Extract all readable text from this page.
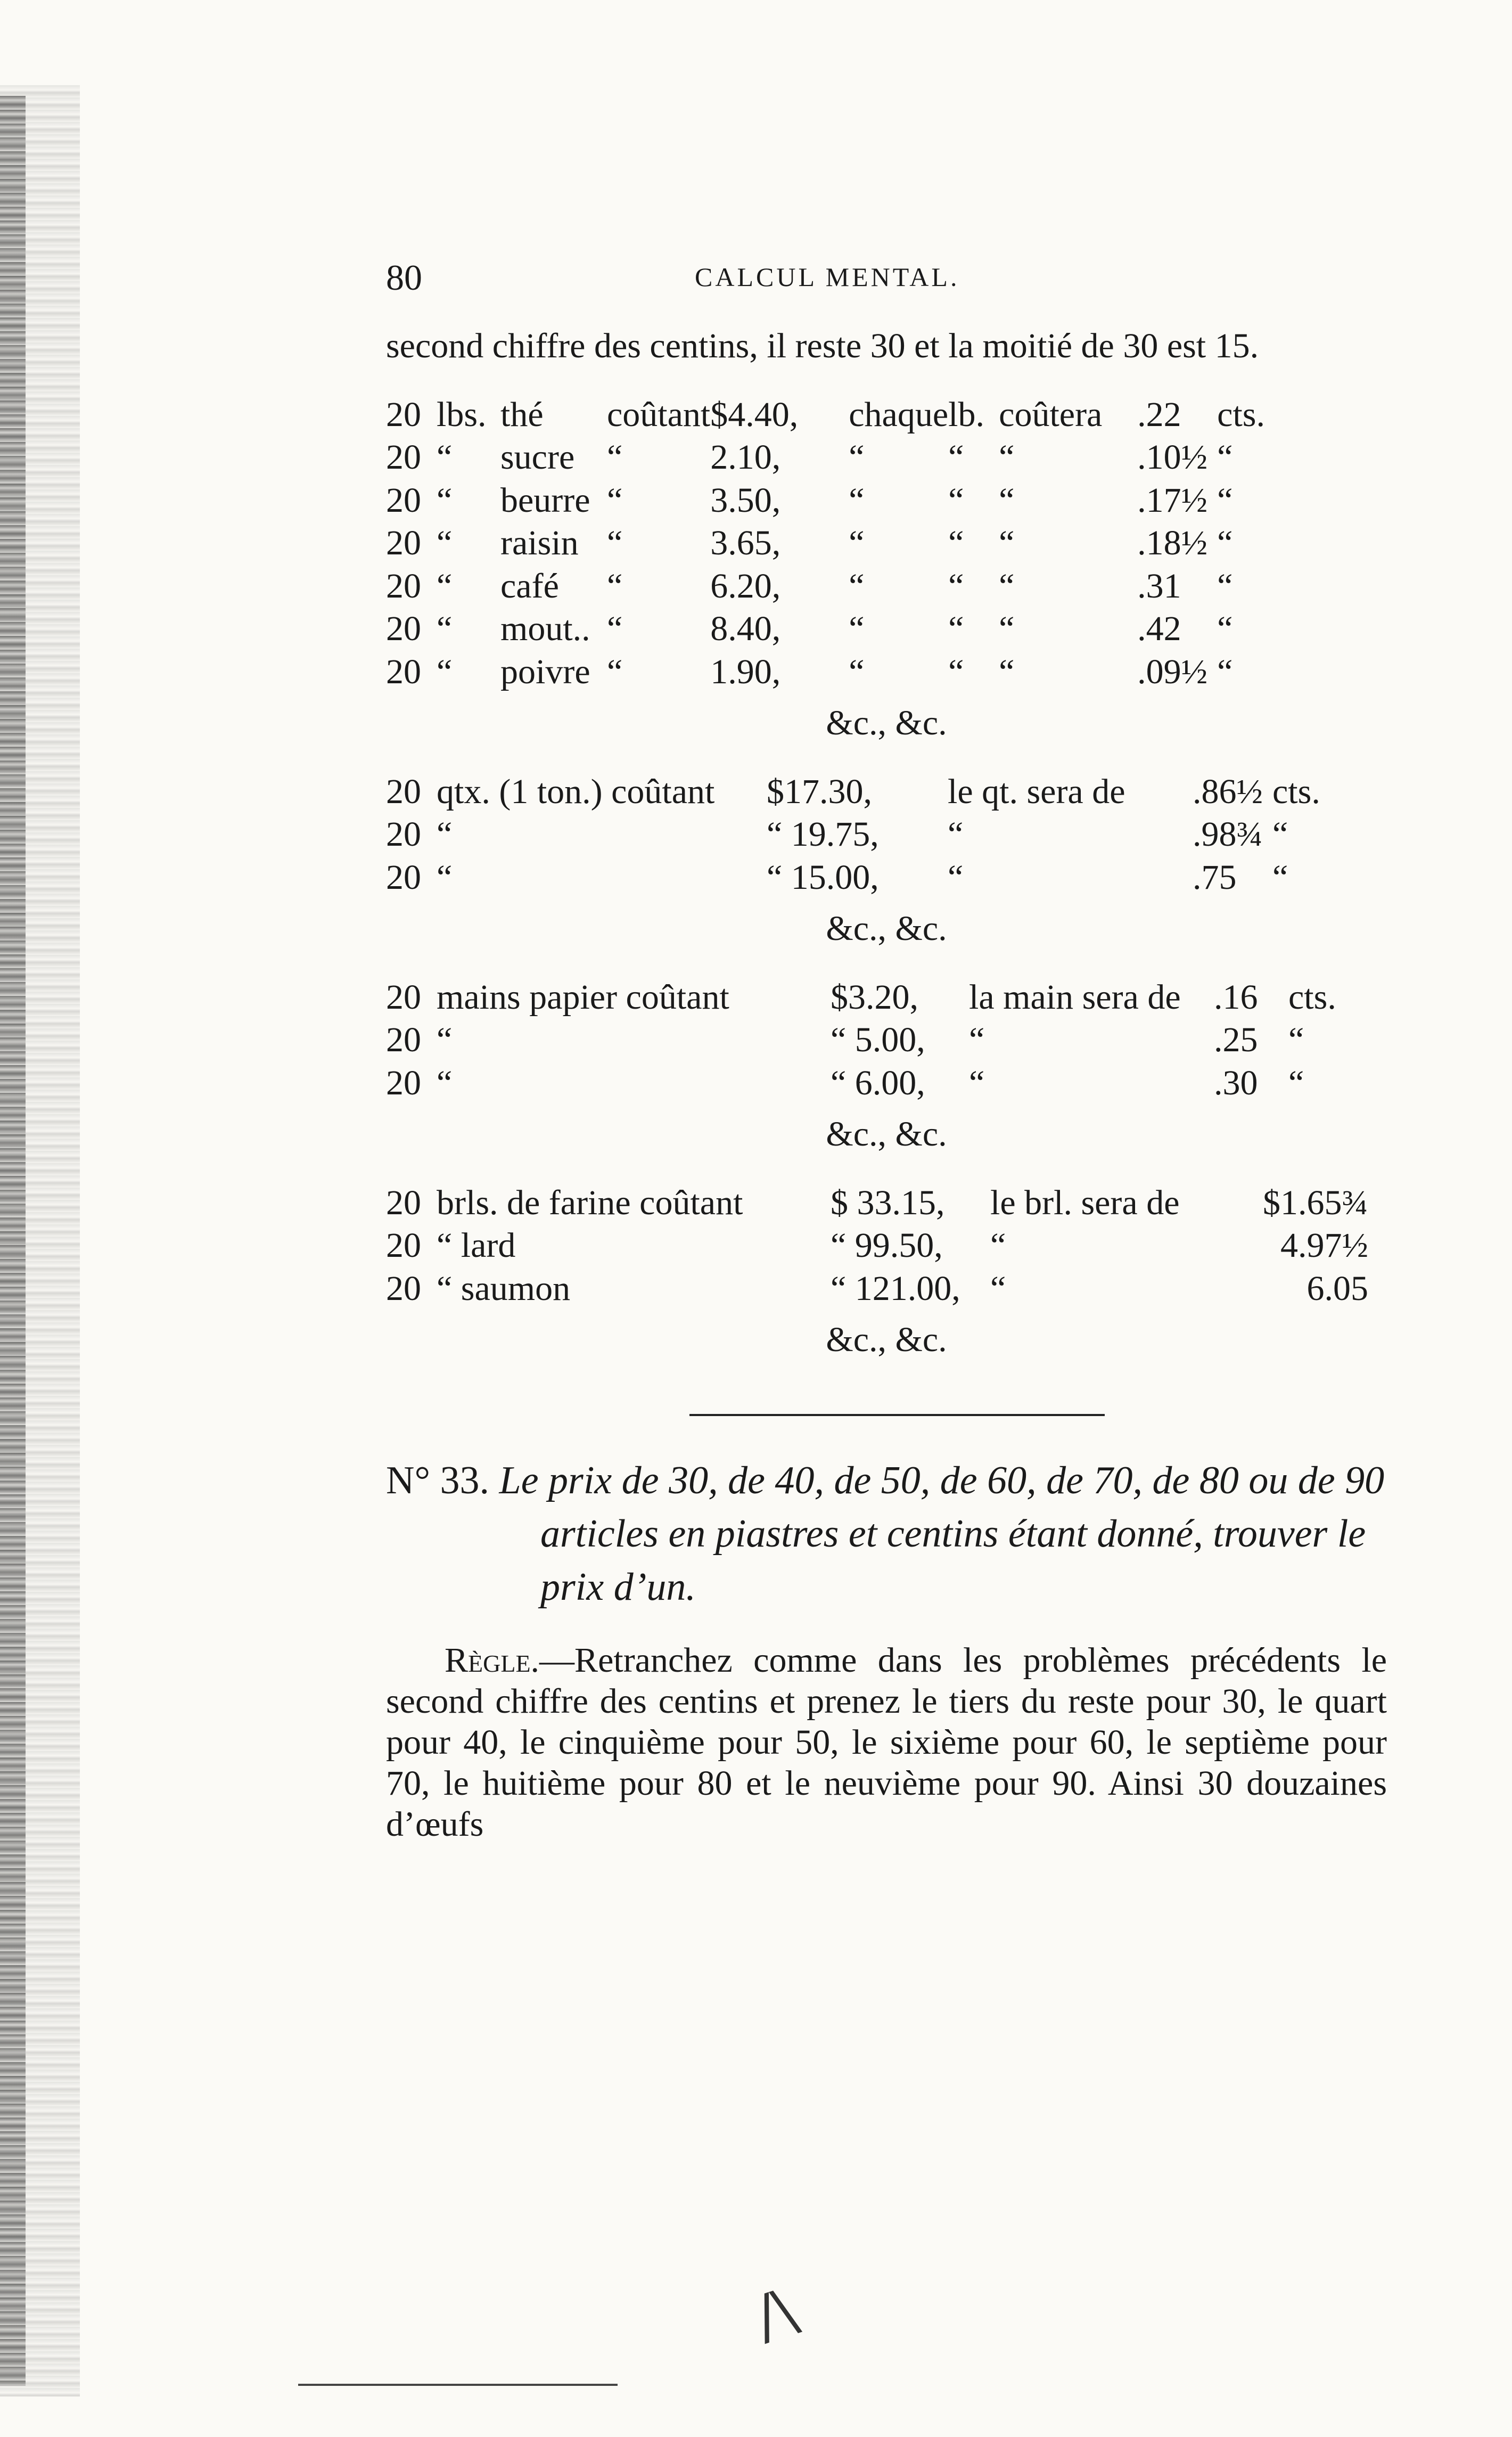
80	CALCUL MENTAL.

second chiffre des centins, il reste 30 et la moitié de 30 est 15.

20	lbs.	thé	coûtant	$4.40,	chaque	lb.	coûtera	.22	cts.
20	“	sucre	“	2.10,	“	“	“	.10½	“
20	“	beurre	“	3.50,	“	“	“	.17½	“
20	“	raisin	“	3.65,	“	“	“	.18½	“
20	“	café	“	6.20,	“	“	“	.31	“
20	“	mout..	“	8.40,	“	“	“	.42	“
20	“	poivre	“	1.90,	“	“	“	.09½	“
&c., &c.
20	qtx. (1 ton.) coûtant	$17.30,	le qt. sera de	.86½	cts.
20	“	“ 19.75,	“	.98¾	“
20	“	“ 15.00,	“	.75	“
&c., &c.
20	mains papier coûtant	$3.20,	la main sera de	.16	cts.
20	“	“ 5.00,	“	.25	“
20	“	“ 6.00,	“	.30	“
&c., &c.
20	brls. de farine coûtant	$ 33.15,	le brl. sera de	$1.65¾
20	“ lard	“ 99.50,	“	4.97½
20	“ saumon	“ 121.00,	“	6.05
&c., &c.

N° 33. Le prix de 30, de 40, de 50, de 60, de 70, de 80 ou de 90 articles en piastres et centins étant donné, trouver le prix d’un.

Règle.—Retranchez comme dans les problèmes précédents le second chiffre des centins et prenez le tiers du reste pour 30, le quart pour 40, le cinquième pour 50, le sixième pour 60, le septième pour 70, le huitième pour 80 et le neuvième pour 90. Ainsi 30 douzaines d’œufs

/\
